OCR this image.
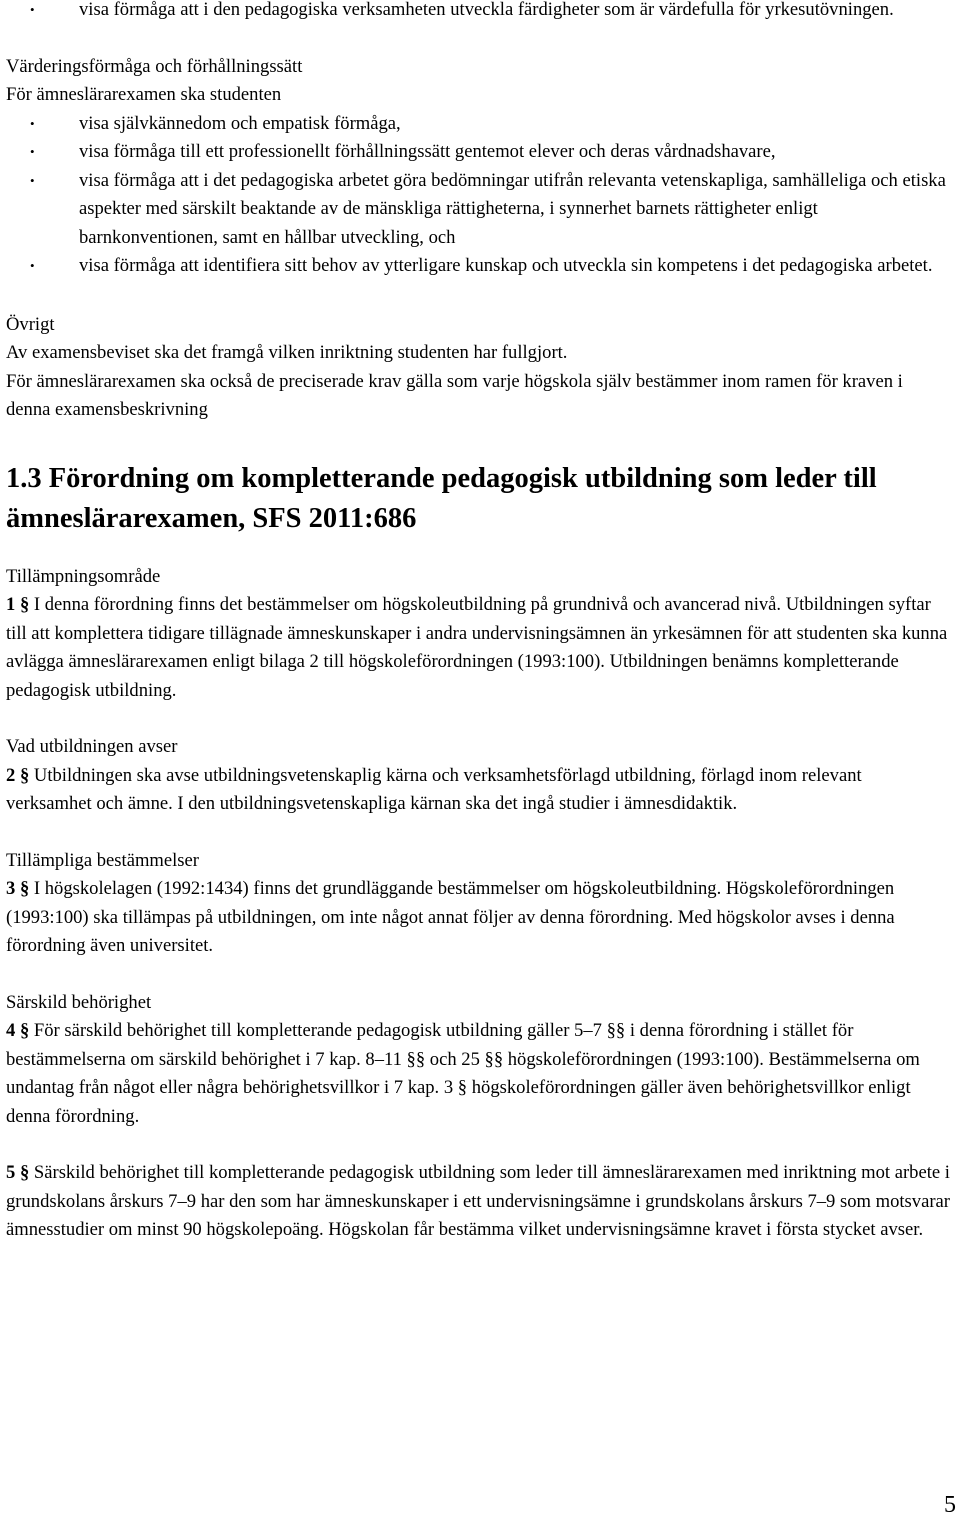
• visa förmåga att i den pedagogiska verksamheten utveckla färdigheter som är värdefulla för yrkesutövningen.
Värderingsförmåga och förhållningssätt
För ämneslärarexamen ska studenten
• visa självkännedom och empatisk förmåga,
• visa förmåga till ett professionellt förhållningssätt gentemot elever och deras vårdnadshavare,
• visa förmåga att i det pedagogiska arbetet göra bedömningar utifrån relevanta vetenskapliga, samhälleliga och etiska aspekter med särskilt beaktande av de mänskliga rättigheterna, i synnerhet barnets rättigheter enligt barnkonventionen, samt en hållbar utveckling, och
• visa förmåga att identifiera sitt behov av ytterligare kunskap och utveckla sin kompetens i det pedagogiska arbetet.
Övrigt

Av examensbeviset ska det framgå vilken inriktning studenten har fullgjort.

För ämneslärarexamen ska också de preciserade krav gälla som varje högskola själv bestämmer inom ramen för kraven i denna examensbeskrivning

1.3 Förordning om kompletterande pedagogisk utbildning som leder till ämneslärarexamen, SFS 2011:686
Tillämpningsområde

1 § I denna förordning finns det bestämmelser om högskoleutbildning på grundnivå och avancerad nivå. Utbildningen syftar till att komplettera tidigare tillägnade ämneskunskaper i andra undervisningsämnen än yrkesämnen för att studenten ska kunna avlägga ämneslärarexamen enligt bilaga 2 till högskoleförordningen (1993:100). Utbildningen benämns kompletterande pedagogisk utbildning.

Vad utbildningen avser

2 § Utbildningen ska avse utbildningsvetenskaplig kärna och verksamhetsförlagd utbildning, förlagd inom relevant verksamhet och ämne. I den utbildningsvetenskapliga kärnan ska det ingå studier i ämnesdidaktik.

Tillämpliga bestämmelser

3 § I högskolelagen (1992:1434) finns det grundläggande bestämmelser om högskoleutbildning. Högskoleförordningen (1993:100) ska tillämpas på utbildningen, om inte något annat följer av denna förordning. Med högskolor avses i denna förordning även universitet.

Särskild behörighet

4 § För särskild behörighet till kompletterande pedagogisk utbildning gäller 5–7 §§ i denna förordning i stället för bestämmelserna om särskild behörighet i 7 kap. 8–11 §§ och 25 §§ högskoleförordningen (1993:100). Bestämmelserna om undantag från något eller några behörighetsvillkor i 7 kap. 3 § högskoleförordningen gäller även behörighetsvillkor enligt denna förordning.

5 § Särskild behörighet till kompletterande pedagogisk utbildning som leder till ämneslärarexamen med inriktning mot arbete i grundskolans årskurs 7–9 har den som har ämneskunskaper i ett undervisningsämne i grundskolans årskurs 7–9 som motsvarar ämnesstudier om minst 90 högskolepoäng. Högskolan får bestämma vilket undervisningsämne kravet i första stycket avser.

5
